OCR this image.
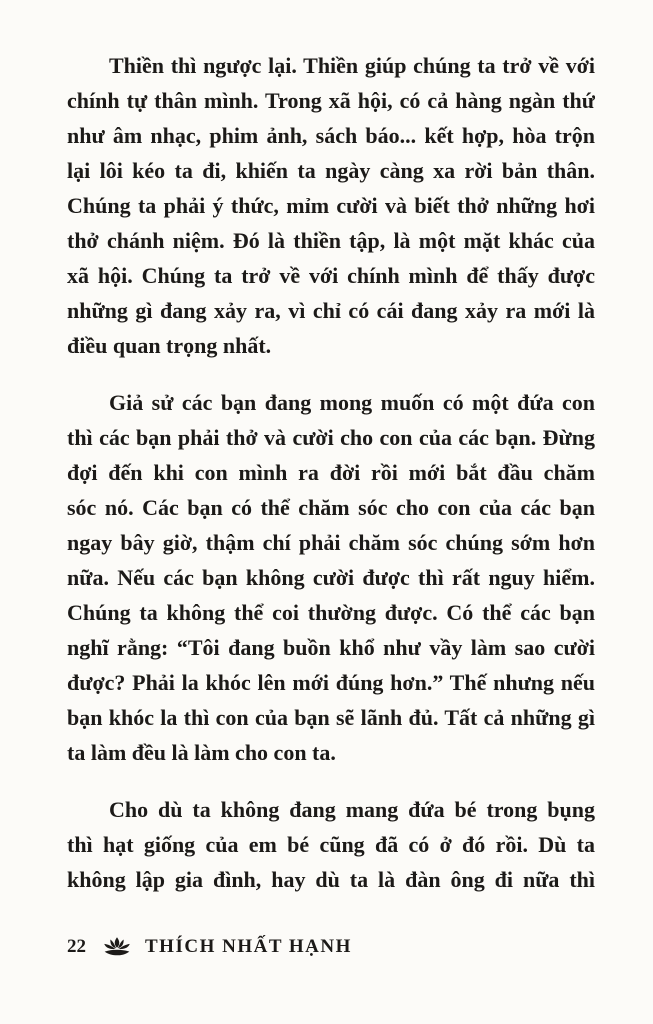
Thiền thì ngược lại. Thiền giúp chúng ta trở về với
chính tự thân mình. Trong xã hội, có cả hàng ngàn thứ
như âm nhạc, phim ảnh, sách báo... kết hợp, hòa trộn
lại lôi kéo ta đi, khiến ta ngày càng xa rời bản thân.
Chúng ta phải ý thức, mỉm cười và biết thở những hơi
thở chánh niệm. Đó là thiền tập, là một mặt khác của
xã hội. Chúng ta trở về với chính mình để thấy được
những gì đang xảy ra, vì chỉ có cái đang xảy ra mới là
điều quan trọng nhất.
Giả sử các bạn đang mong muốn có một đứa con
thì các bạn phải thở và cười cho con của các bạn. Đừng
đợi đến khi con mình ra đời rồi mới bắt đầu chăm
sóc nó. Các bạn có thể chăm sóc cho con của các bạn
ngay bây giờ, thậm chí phải chăm sóc chúng sớm hơn
nữa. Nếu các bạn không cười được thì rất nguy hiểm.
Chúng ta không thể coi thường được. Có thể các bạn
nghĩ rằng: “Tôi đang buồn khổ như vầy làm sao cười
được? Phải la khóc lên mới đúng hơn.” Thế nhưng nếu
bạn khóc la thì con của bạn sẽ lãnh đủ. Tất cả những gì
ta làm đều là làm cho con ta.
Cho dù ta không đang mang đứa bé trong bụng
thì hạt giống của em bé cũng đã có ở đó rồi. Dù ta
không lập gia đình, hay dù ta là đàn ông đi nữa thì
22	THÍCH NHẤT HẠNH
